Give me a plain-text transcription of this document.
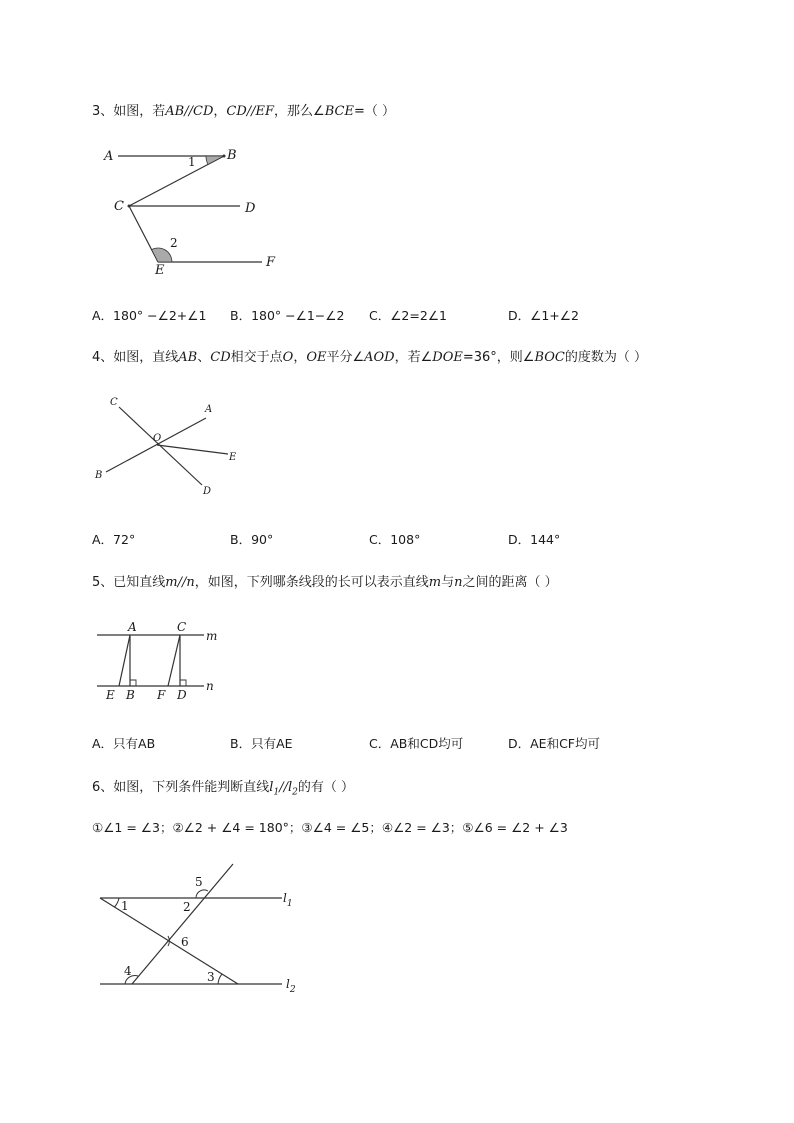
3、如图，若AB//CD，CD//EF，那么∠BCE=（ ）
A	B
C	D
E
F
1
2
A．180° −∠2+∠1 B．180° −∠1−∠2 C．∠2=2∠1	D．∠1+∠2
4、如图，直线AB、CD相交于点O，OE平分∠AOD，若∠DOE=36°，则∠BOC的度数为（ ）
C
A
O
E
B
D
A．72°	B．90°	C．108°	D．144°
5、已知直线m//n，如图，下列哪条线段的长可以表示直线m与n之间的距离（ ）
A	C
m
n
E B F D
A．只有AB	B．只有AE	C．AB和CD均可	D．AE和CF均可
6、如图，下列条件能判断直线$l_1//l_2$的有（ ）
①∠1 = ∠3；②∠2 + ∠4 = 180°；③∠4 = ∠5；④∠2 = ∠3；⑤∠6 = ∠2 + ∠3
1	2
5
6
4	3
$l_1$
$l_2$
